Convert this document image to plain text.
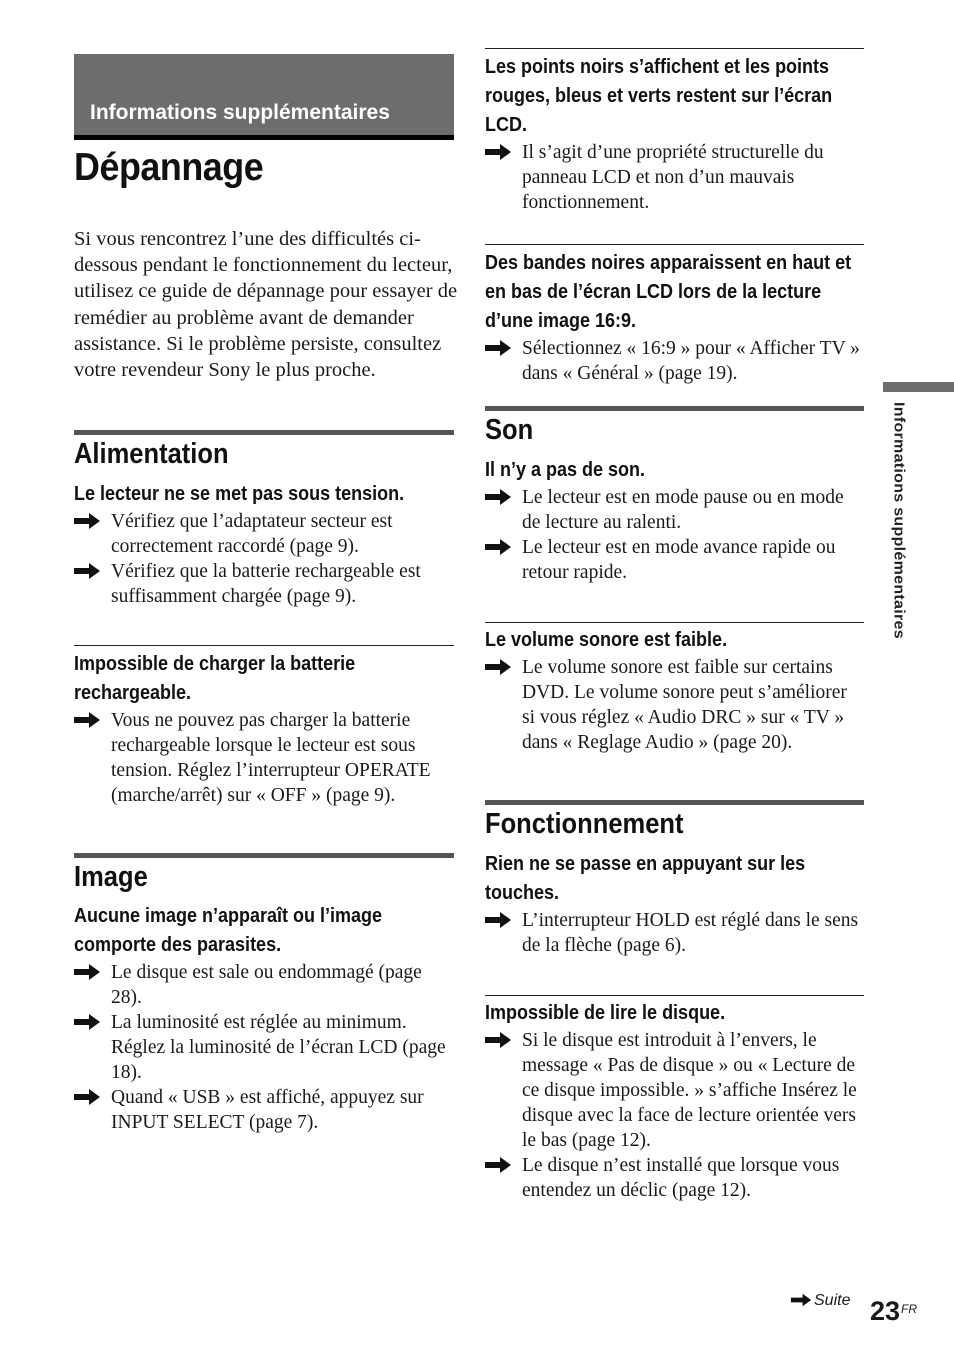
Informations supplémentaires
Dépannage

Si vous rencontrez l’une des difficultés ci-dessous pendant le fonctionnement du lecteur, utilisez ce guide de dépannage pour essayer de remédier au problème avant de demander assistance. Si le problème persiste, consultez votre revendeur Sony le plus proche.

Alimentation
Le lecteur ne se met pas sous tension.
Vérifiez que l’adaptateur secteur est correctement raccordé (page 9).
Vérifiez que la batterie rechargeable est suffisamment chargée (page 9).
Impossible de charger la batterie rechargeable.
Vous ne pouvez pas charger la batterie rechargeable lorsque le lecteur est sous tension. Réglez l’interrupteur OPERATE (marche/arrêt) sur « OFF » (page 9).
Image
Aucune image n’apparaît ou l’image comporte des parasites.
Le disque est sale ou endommagé (page 28).
La luminosité est réglée au minimum. Réglez la luminosité de l’écran LCD (page 18).
Quand « USB » est affiché, appuyez sur INPUT SELECT (page 7).
Les points noirs s’affichent et les points rouges, bleus et verts restent sur l’écran LCD.
Il s’agit d’une propriété structurelle du panneau LCD et non d’un mauvais fonctionnement.
Des bandes noires apparaissent en haut et en bas de l’écran LCD lors de la lecture d’une image 16:9.
Sélectionnez « 16:9 » pour « Afficher TV » dans « Général » (page 19).
Son
Il n’y a pas de son.
Le lecteur est en mode pause ou en mode de lecture au ralenti.
Le lecteur est en mode avance rapide ou retour rapide.
Le volume sonore est faible.
Le volume sonore est faible sur certains DVD. Le volume sonore peut s’améliorer si vous réglez « Audio DRC » sur « TV » dans « Reglage Audio » (page 20).
Fonctionnement
Rien ne se passe en appuyant sur les touches.
L’interrupteur HOLD est réglé dans le sens de la flèche (page 6).
Impossible de lire le disque.
Si le disque est introduit à l’envers, le message « Pas de disque » ou « Lecture de ce disque impossible. » s’affiche Insérez le disque avec la face de lecture orientée vers le bas (page 12).
Le disque n’est installé que lorsque vous entendez un déclic (page 12).
Informations supplémentaires
Suite 23 FR
